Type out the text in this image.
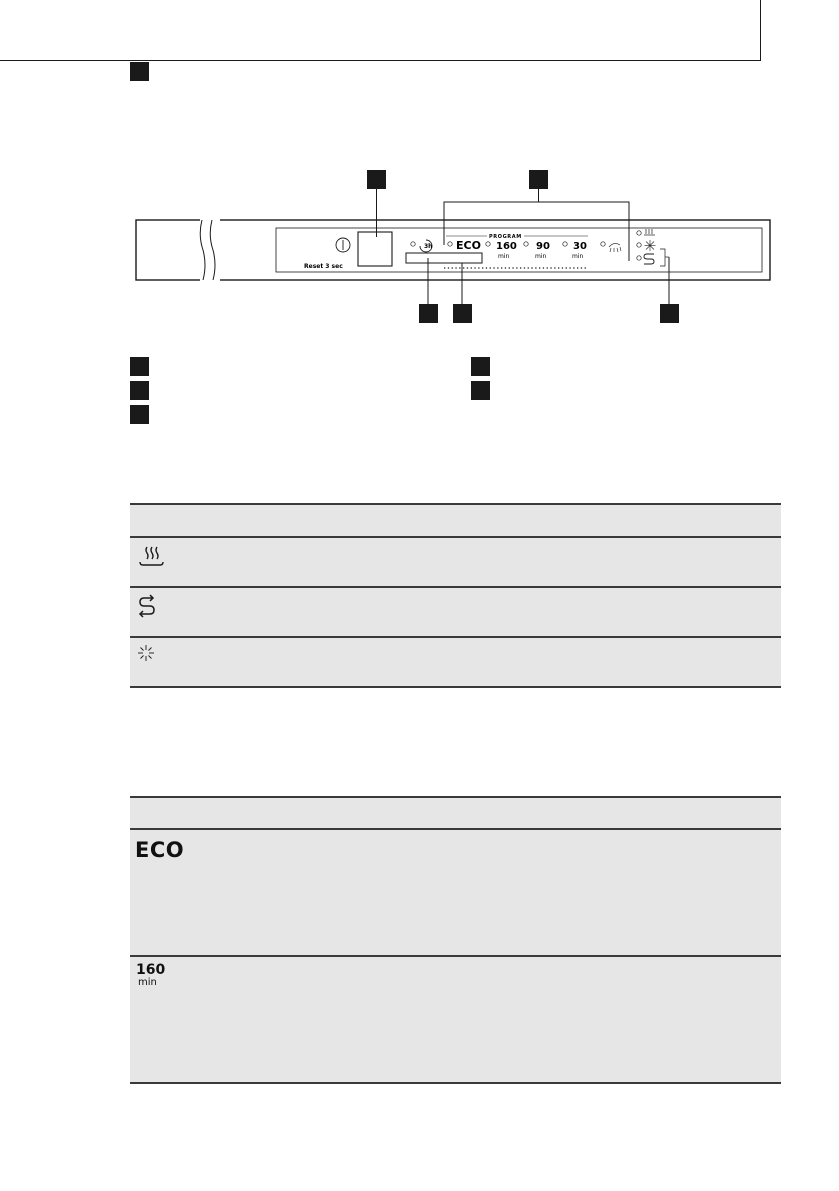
Reset 3 sec
3h
PROGRAM
ECO 160
min
90
min
30
min
ECO
160
min
